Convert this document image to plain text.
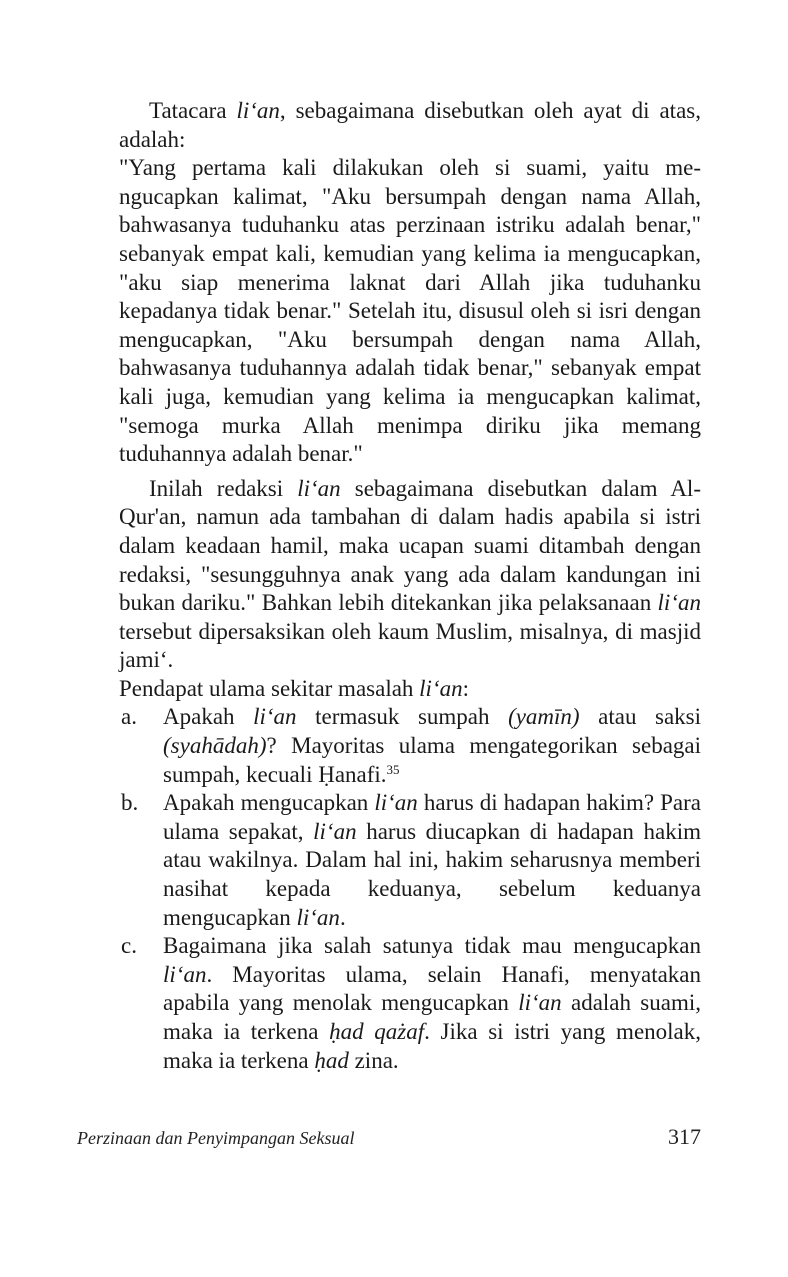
Tatacara li‘an, sebagaimana disebutkan oleh ayat di atas, adalah:

"Yang pertama kali dilakukan oleh si suami, yaitu mengucapkan kalimat, "Aku bersumpah dengan nama Allah, bahwasanya tuduhanku atas perzinaan istriku adalah benar," sebanyak empat kali, kemudian yang kelima ia mengucapkan, "aku siap menerima laknat dari Allah jika tuduhanku kepadanya tidak benar." Setelah itu, disusul oleh si isri dengan mengucapkan, "Aku bersumpah dengan nama Allah, bahwasanya tuduhannya adalah tidak benar," sebanyak empat kali juga, kemudian yang kelima ia mengucapkan kalimat, "semoga murka Allah menimpa diriku jika memang tuduhannya adalah benar."

Inilah redaksi li‘an sebagaimana disebutkan dalam Al-Qur'an, namun ada tambahan di dalam hadis apabila si istri dalam keadaan hamil, maka ucapan suami ditambah dengan redaksi, "sesungguhnya anak yang ada dalam kandungan ini bukan dariku." Bahkan lebih ditekankan jika pelaksanaan li‘an tersebut dipersaksikan oleh kaum Muslim, misalnya, di masjid jami‘.

Pendapat ulama sekitar masalah li‘an:

a. Apakah li‘an termasuk sumpah (yamīn) atau saksi (syahādah)? Mayoritas ulama mengategorikan sebagai sumpah, kecuali Ḥanafi.$^{35}$
b. Apakah mengucapkan li‘an harus di hadapan hakim? Para ulama sepakat, li‘an harus diucapkan di hadapan hakim atau wakilnya. Dalam hal ini, hakim seharusnya memberi nasihat kepada keduanya, sebelum keduanya mengucapkan li‘an.
c. Bagaimana jika salah satunya tidak mau mengucapkan li‘an. Mayoritas ulama, selain Hanafi, menyatakan apabila yang menolak mengucapkan li‘an adalah suami, maka ia terkena ḥad qażaf. Jika si istri yang menolak, maka ia terkena ḥad zina.
Perzinaan dan Penyimpangan Seksual	317
